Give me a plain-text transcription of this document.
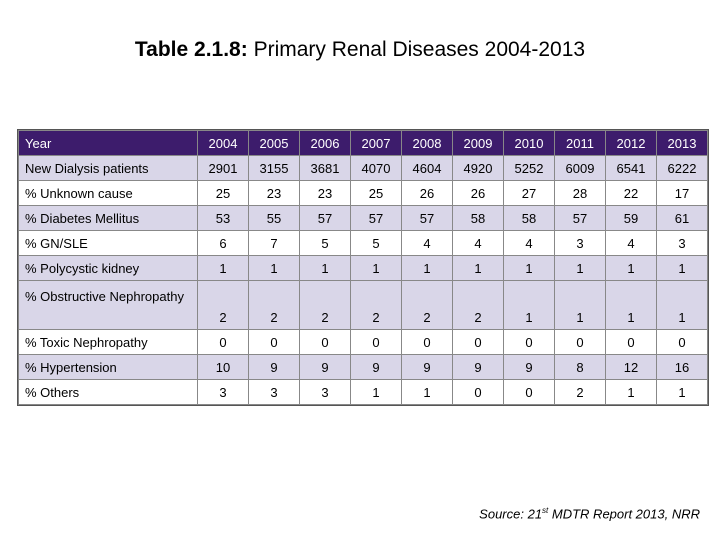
Table 2.1.8: Primary Renal Diseases 2004-2013
Year	2004	2005	2006	2007	2008	2009	2010	2011	2012	2013
New Dialysis patients	2901	3155	3681	4070	4604	4920	5252	6009	6541	6222
% Unknown cause	25	23	23	25	26	26	27	28	22	17
% Diabetes Mellitus	53	55	57	57	57	58	58	57	59	61
% GN/SLE	6	7	5	5	4	4	4	3	4	3
% Polycystic kidney	1	1	1	1	1	1	1	1	1	1
% Obstructive Nephropathy	2	2	2	2	2	2	1	1	1	1
% Toxic Nephropathy	0	0	0	0	0	0	0	0	0	0
% Hypertension	10	9	9	9	9	9	9	8	12	16
% Others	3	3	3	1	1	0	0	2	1	1
Source: 21st MDTR Report 2013, NRR
